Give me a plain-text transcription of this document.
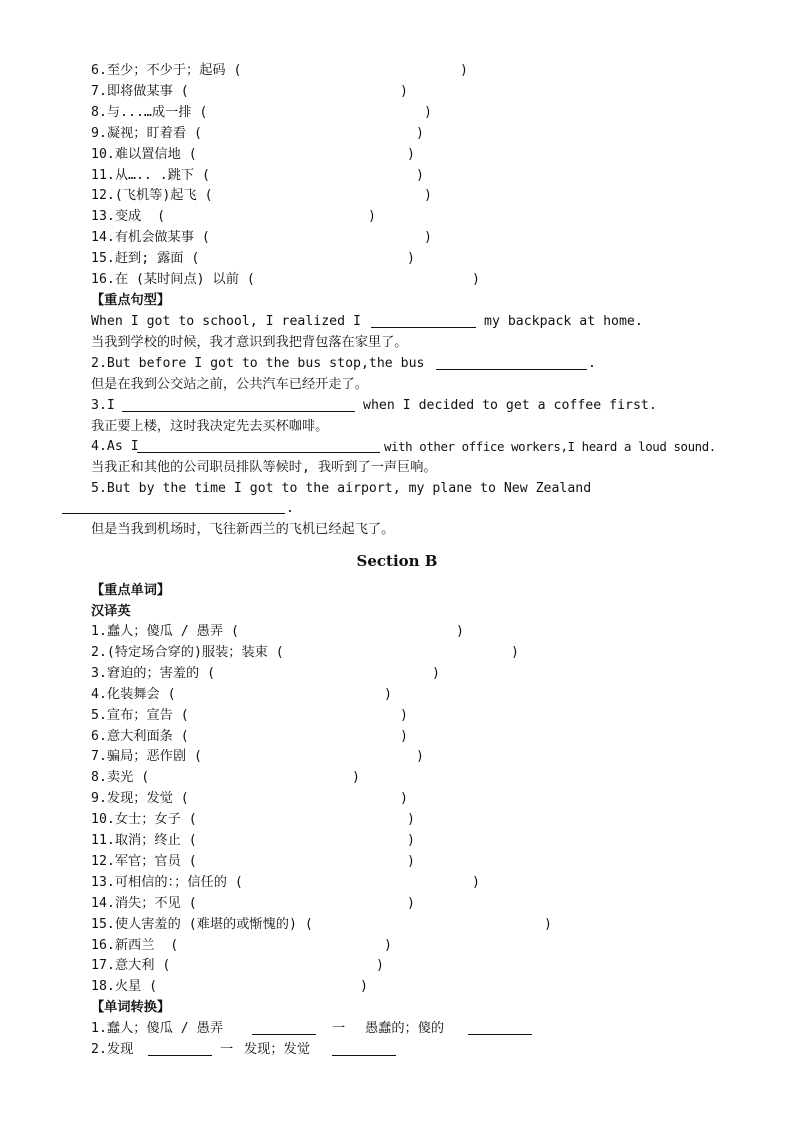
6.至少；不少于；起码 (	)
7.即将做某事 (	)
8.与...…成一排 (	)
9.凝视；盯着看 (	)
10.难以置信地 (	)
11.从….. .跳下 (	)
12.(飞机等)起飞 (	)
13.变成  (	)
14.有机会做某事 (	)
15.赶到; 露面 (	)
16.在 (某时间点) 以前 (	)
【重点句型】
When I got to school, I realized I	my backpack at home.
当我到学校的时候，我才意识到我把背包落在家里了。
2.But before I got to the bus stop,the bus	.
但是在我到公交站之前，公共汽车已经开走了。
3.I	when I decided to get a coffee first.
我正要上楼，这时我决定先去买杯咖啡。
4.As I	with other office workers,I heard a loud sound.
当我正和其他的公司职员排队等候时, 我听到了一声巨响。
5.But by the time I got to the airport, my plane to New Zealand
.
但是当我到机场时，飞往新西兰的飞机已经起飞了。
Section B
【重点单词】
汉译英
1.蠢人；傻瓜 / 愚弄 (	)
2.(特定场合穿的)服装；装束 (	)
3.窘迫的；害羞的 (	)
4.化装舞会 (	)
5.宣布；宣告 (	)
6.意大利面条 (	)
7.骗局；恶作剧 (	)
8.卖光 (	)
9.发现；发觉 (	)
10.女士；女子 (	)
11.取消；终止 (	)
12.军官；官员 (	)
13.可相信的：；信任的 (	)
14.消失；不见 (	)
15.使人害羞的 (难堪的或惭愧的) (	)
16.新西兰  (	)
17.意大利 (	)
18.火星 (	)
【单词转换】
1.蠢人；傻瓜 / 愚弄	一 愚蠢的；傻的
2.发现	一 发现；发觉
